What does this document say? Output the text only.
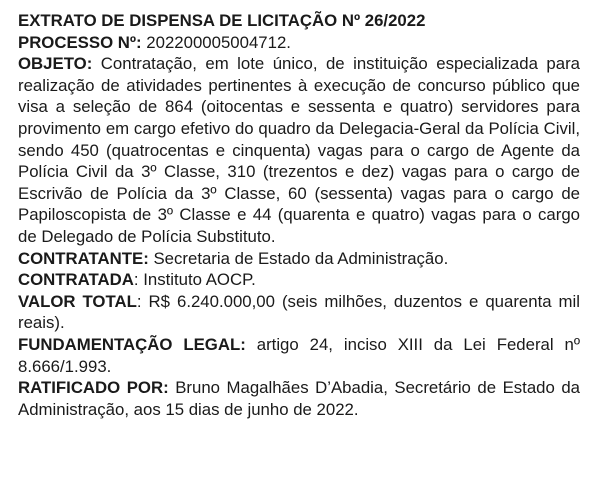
EXTRATO DE DISPENSA DE LICITAÇÃO Nº 26/2022

PROCESSO Nº: 202200005004712.

OBJETO: Contratação, em lote único, de instituição especializada para realização de atividades pertinentes à execução de concurso público que visa a seleção de 864 (oitocentas e sessenta e quatro) servidores para provimento em cargo efetivo do quadro da Delegacia-Geral da Polícia Civil, sendo 450 (quatrocentas e cinquenta) vagas para o cargo de Agente da Polícia Civil da 3º Classe, 310 (trezentos e dez) vagas para o cargo de Escrivão de Polícia da 3º Classe, 60 (sessenta) vagas para o cargo de Papiloscopista de 3º Classe e 44 (quarenta e quatro) vagas para o cargo de Delegado de Polícia Substituto.

CONTRATANTE: Secretaria de Estado da Administração.

CONTRATADA: Instituto AOCP.

VALOR TOTAL: R$ 6.240.000,00 (seis milhões, duzentos e quarenta mil reais).

FUNDAMENTAÇÃO LEGAL: artigo 24, inciso XIII da Lei Federal nº 8.666/1.993.

RATIFICADO POR: Bruno Magalhães D’Abadia, Secretário de Estado da Administração, aos 15 dias de junho de 2022.
